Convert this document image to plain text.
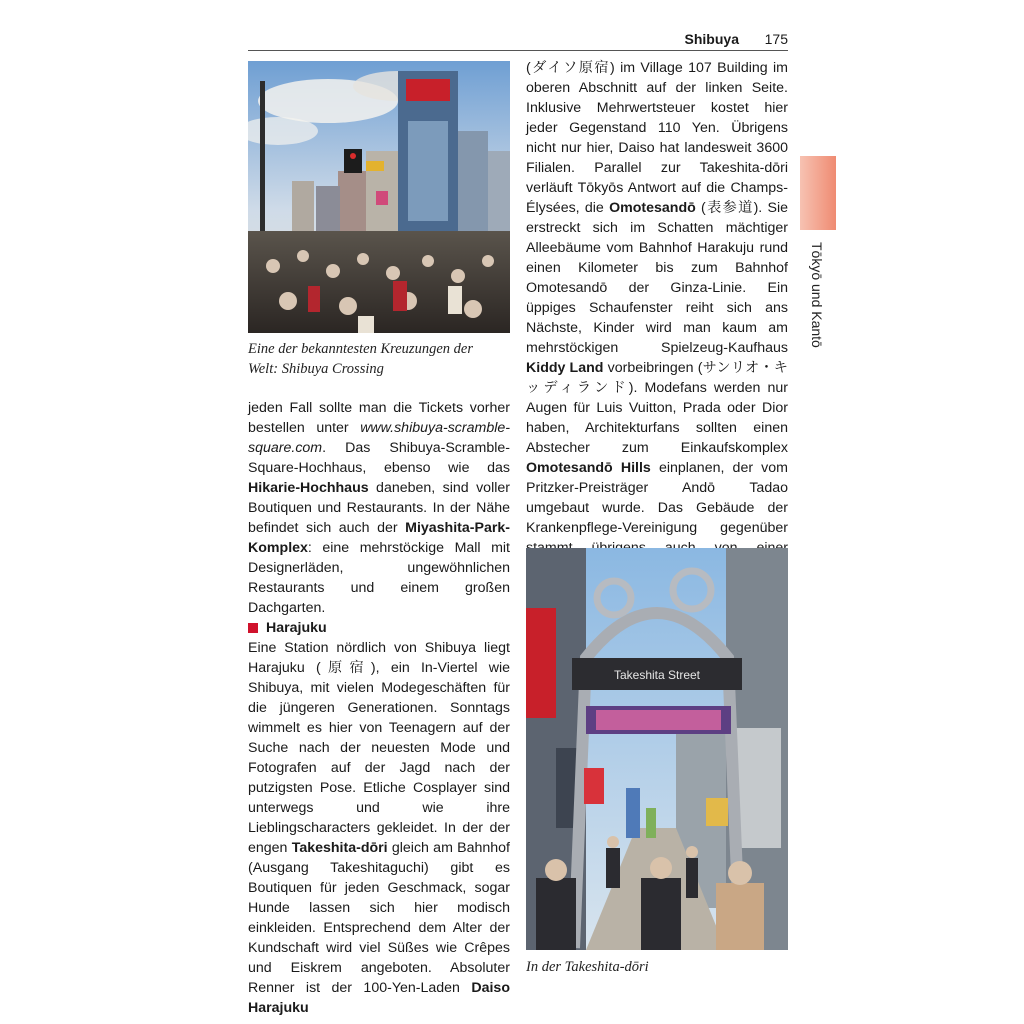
Shibuya 175
Tōkyō und Kantō
Eine der bekanntesten Kreuzungen der
Welt: Shibuya Crossing

jeden Fall sollte man die Tickets vorher bestellen unter www.shibuya-scramble-square.com. Das Shibuya-Scramble-Square-Hochhaus, ebenso wie das Hikarie-Hochhaus daneben, sind voller Boutiquen und Restaurants. In der Nähe befindet sich auch der Miyashita-Park-Komplex: eine mehrstöckige Mall mit Designerläden, ungewöhnlichen Restaurants und einem großen Dachgarten.

Harajuku

Eine Station nördlich von Shibuya liegt Harajuku (原宿), ein In-Viertel wie Shibuya, mit vielen Modegeschäften für die jüngeren Generationen. Sonntags wimmelt es hier von Teenagern auf der Suche nach der neuesten Mode und Fotografen auf der Jagd nach der putzigsten Pose. Etliche Cosplayer sind unterwegs und wie ihre Lieblingscharacters gekleidet. In der der engen Takeshita-dōri gleich am Bahnhof (Ausgang Takeshitaguchi) gibt es Boutiquen für jeden Geschmack, sogar Hunde lassen sich hier modisch einkleiden. Entsprechend dem Alter der Kundschaft wird viel Süßes wie Crêpes und Eiskrem angeboten. Absoluter Renner ist der 100-Yen-Laden Daiso Harajuku

(ダイソ原宿) im Village 107 Building im oberen Abschnitt auf der linken Seite. Inklusive Mehrwertsteuer kostet hier jeder Gegenstand 110 Yen. Übrigens nicht nur hier, Daiso hat landesweit 3600 Filialen. Parallel zur Takeshita-dōri verläuft Tōkyōs Antwort auf die Champs-Élysées, die Omotesandō (表参道). Sie erstreckt sich im Schatten mächtiger Alleebäume vom Bahnhof Harakuju rund einen Kilometer bis zum Bahnhof Omotesandō der Ginza-Linie. Ein üppiges Schaufenster reiht sich ans Nächste, Kinder wird man kaum am mehrstöckigen Spielzeug-Kaufhaus Kiddy Land vorbeibringen (サンリオ・キッディランド). Modefans werden nur Augen für Luis Vuitton, Prada oder Dior haben, Architekturfans sollten einen Abstecher zum Einkaufskomplex Omotesandō Hills einplanen, der vom Pritzker-Preisträger Andō Tadao umgebaut wurde. Das Gebäude der Krankenpflege-Vereinigung gegenüber

Takeshita Street
In der Takeshita-dōri
